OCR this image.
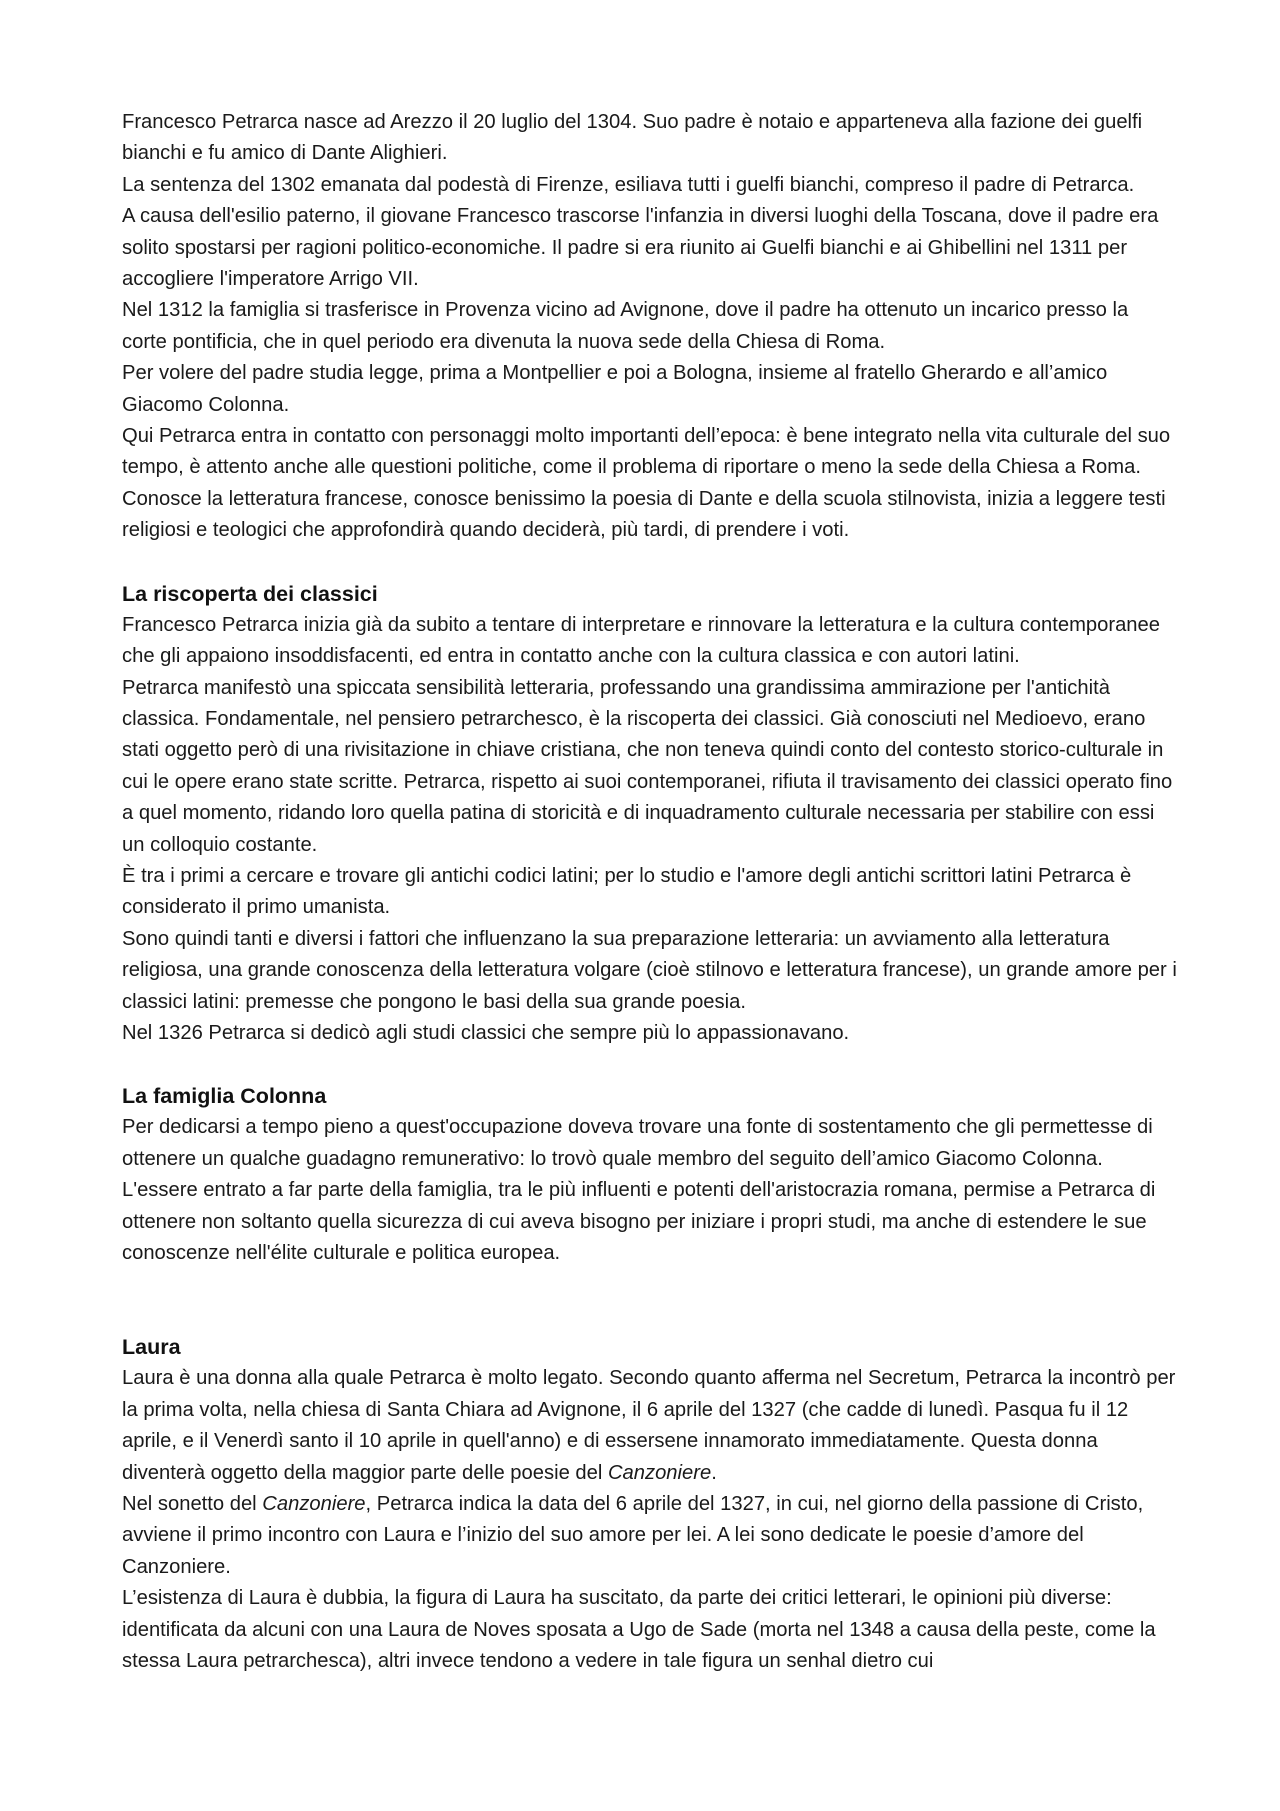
Francesco Petrarca nasce ad Arezzo il 20 luglio del 1304. Suo padre è notaio e apparteneva alla fazione dei guelfi bianchi e fu amico di Dante Alighieri.

La sentenza del 1302 emanata dal podestà di Firenze, esiliava tutti i guelfi bianchi, compreso il padre di Petrarca.

A causa dell'esilio paterno, il giovane Francesco trascorse l'infanzia in diversi luoghi della Toscana, dove il padre era solito spostarsi per ragioni politico-economiche. Il padre si era riunito ai Guelfi bianchi e ai Ghibellini nel 1311 per accogliere l'imperatore Arrigo VII.

Nel 1312 la famiglia si trasferisce in Provenza vicino ad Avignone, dove il padre ha ottenuto un incarico presso la corte pontificia, che in quel periodo era divenuta la nuova sede della Chiesa di Roma.

Per volere del padre studia legge, prima a Montpellier e poi a Bologna, insieme al fratello Gherardo e all’amico Giacomo Colonna.

Qui Petrarca entra in contatto con personaggi molto importanti dell’epoca: è bene integrato nella vita culturale del suo tempo, è attento anche alle questioni politiche, come il problema di riportare o meno la sede della Chiesa a Roma.

Conosce la letteratura francese, conosce benissimo la poesia di Dante e della scuola stilnovista, inizia a leggere testi religiosi e teologici che approfondirà quando deciderà, più tardi, di prendere i voti.

La riscoperta dei classici

Francesco Petrarca inizia già da subito a tentare di interpretare e rinnovare la letteratura e la cultura contemporanee che gli appaiono insoddisfacenti, ed entra in contatto anche con la cultura classica e con autori latini.

Petrarca manifestò una spiccata sensibilità letteraria, professando una grandissima ammirazione per l'antichità classica. Fondamentale, nel pensiero petrarchesco, è la riscoperta dei classici. Già conosciuti nel Medioevo, erano stati oggetto però di una rivisitazione in chiave cristiana, che non teneva quindi conto del contesto storico-culturale in cui le opere erano state scritte. Petrarca, rispetto ai suoi contemporanei, rifiuta il travisamento dei classici operato fino a quel momento, ridando loro quella patina di storicità e di inquadramento culturale necessaria per stabilire con essi un colloquio costante.

È tra i primi a cercare e trovare gli antichi codici latini; per lo studio e l'amore degli antichi scrittori latini Petrarca è considerato il primo umanista.

Sono quindi tanti e diversi i fattori che influenzano la sua preparazione letteraria: un avviamento alla letteratura religiosa, una grande conoscenza della letteratura volgare (cioè stilnovo e letteratura francese), un grande amore per i classici latini: premesse che pongono le basi della sua grande poesia.

Nel 1326 Petrarca si dedicò agli studi classici che sempre più lo appassionavano.

La famiglia Colonna

Per dedicarsi a tempo pieno a quest'occupazione doveva trovare una fonte di sostentamento che gli permettesse di ottenere un qualche guadagno remunerativo: lo trovò quale membro del seguito dell’amico Giacomo Colonna. L'essere entrato a far parte della famiglia, tra le più influenti e potenti dell'aristocrazia romana, permise a Petrarca di ottenere non soltanto quella sicurezza di cui aveva bisogno per iniziare i propri studi, ma anche di estendere le sue conoscenze nell'élite culturale e politica europea.

Laura

Laura è una donna alla quale Petrarca è molto legato. Secondo quanto afferma nel Secretum, Petrarca la incontrò per la prima volta, nella chiesa di Santa Chiara ad Avignone, il 6 aprile del 1327 (che cadde di lunedì. Pasqua fu il 12 aprile, e il Venerdì santo il 10 aprile in quell'anno) e di essersene innamorato immediatamente. Questa donna diventerà oggetto della maggior parte delle poesie del Canzoniere.

Nel sonetto del Canzoniere, Petrarca indica la data del 6 aprile del 1327, in cui, nel giorno della passione di Cristo, avviene il primo incontro con Laura e l’inizio del suo amore per lei. A lei sono dedicate le poesie d’amore del Canzoniere.

L’esistenza di Laura è dubbia, la figura di Laura ha suscitato, da parte dei critici letterari, le opinioni più diverse: identificata da alcuni con una Laura de Noves sposata a Ugo de Sade (morta nel 1348 a causa della peste, come la stessa Laura petrarchesca), altri invece tendono a vedere in tale figura un senhal dietro cui
